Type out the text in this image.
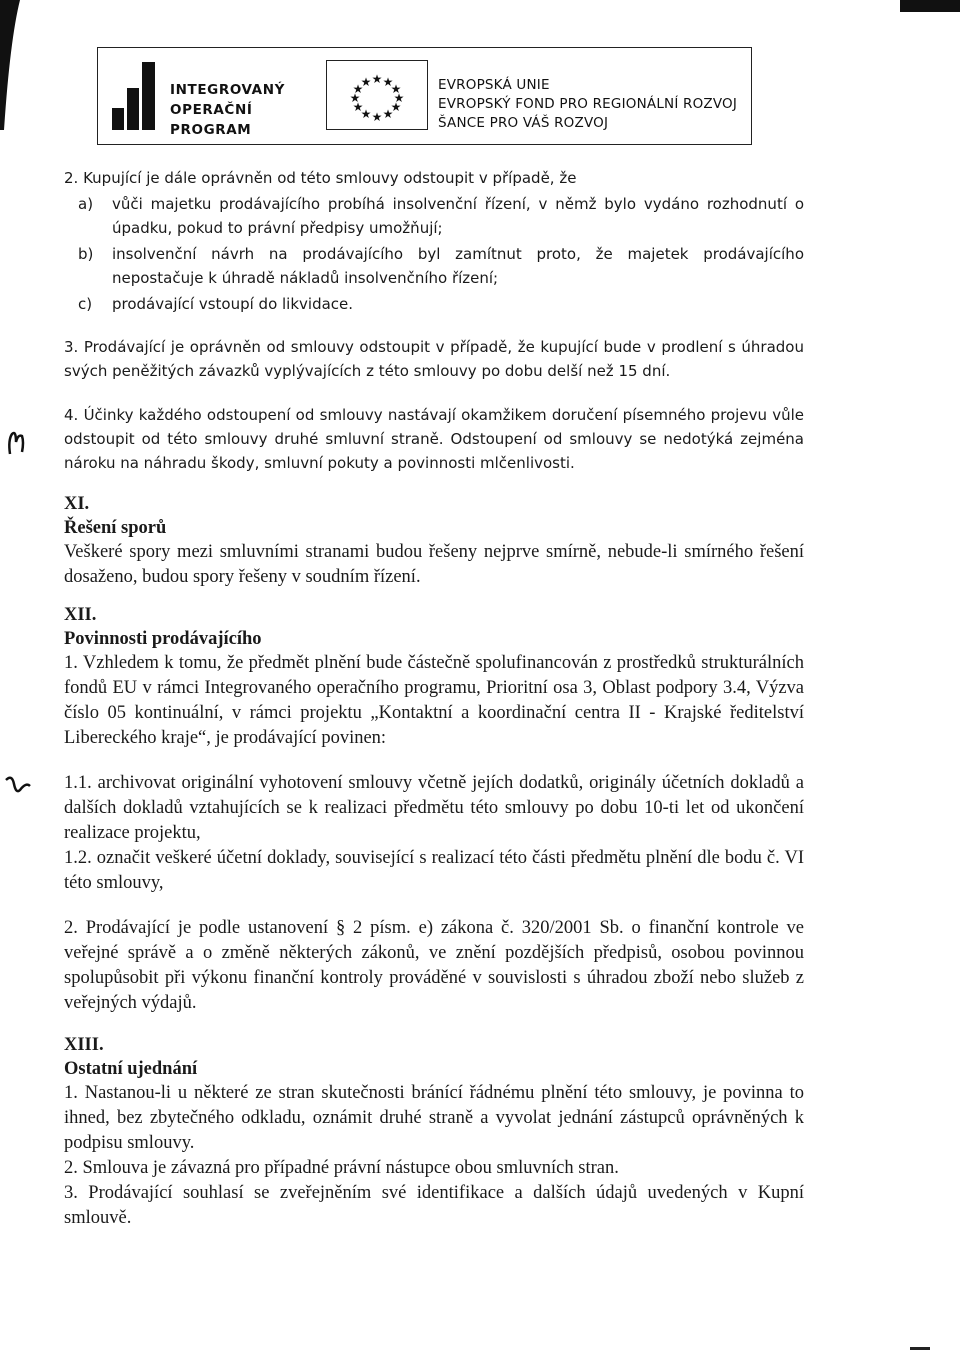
INTEGROVANÝ
OPERAČNÍ
PROGRAM
★ ★
★
★
★
★
★
★
★
★
★
★	EVROPSKÁ UNIE
EVROPSKÝ FOND PRO REGIONÁLNÍ ROZVOJ
ŠANCE PRO VÁŠ ROZVOJ
2. Kupující je dále oprávněn od této smlouvy odstoupit v případě, že
a)	vůči majetku prodávajícího probíhá insolvenční řízení, v němž bylo vydáno rozhodnutí o úpadku, pokud to právní předpisy umožňují;
b)	insolvenční návrh na prodávajícího byl zamítnut proto, že majetek prodávajícího nepostačuje k úhradě nákladů insolvenčního řízení;
c)	prodávající vstoupí do likvidace.
3. Prodávající je oprávněn od smlouvy odstoupit v případě, že kupující bude v prodlení s úhradou svých peněžitých závazků vyplývajících z této smlouvy po dobu delší než 15 dní.
4. Účinky každého odstoupení od smlouvy nastávají okamžikem doručení písemného projevu vůle odstoupit od této smlouvy druhé smluvní straně. Odstoupení od smlouvy se nedotýká zejména nároku na náhradu škody, smluvní pokuty a povinnosti mlčenlivosti.
XI.
Řešení sporů
Veškeré spory mezi smluvními stranami budou řešeny nejprve smírně, nebude-li smírného řešení dosaženo, budou spory řešeny v soudním řízení.
XII.
Povinnosti prodávajícího
1. Vzhledem k tomu, že předmět plnění bude částečně spolufinancován z prostředků strukturálních fondů EU v rámci Integrovaného operačního programu, Prioritní osa 3, Oblast podpory 3.4, Výzva číslo 05 kontinuální, v rámci projektu „Kontaktní a koordinační centra II - Krajské ředitelství Libereckého kraje“, je prodávající povinen:
1.1. archivovat originální vyhotovení smlouvy včetně jejích dodatků, originály účetních dokladů a dalších dokladů vztahujících se k realizaci předmětu této smlouvy po dobu 10-ti let od ukončení realizace projektu,
1.2. označit veškeré účetní doklady, související s realizací této části předmětu plnění dle bodu č. VI této smlouvy,
2. Prodávající je podle ustanovení § 2 písm. e) zákona č. 320/2001 Sb. o finanční kontrole ve veřejné správě a o změně některých zákonů, ve znění pozdějších předpisů, osobou povinnou spolupůsobit při výkonu finanční kontroly prováděné v souvislosti s úhradou zboží nebo služeb z veřejných výdajů.
XIII.
Ostatní ujednání
1. Nastanou-li u některé ze stran skutečnosti bránící řádnému plnění této smlouvy, je povinna to ihned, bez zbytečného odkladu, oznámit druhé straně a vyvolat jednání zástupců oprávněných k podpisu smlouvy.
2. Smlouva je závazná pro případné právní nástupce obou smluvních stran.
3. Prodávající souhlasí se zveřejněním své identifikace a dalších údajů uvedených v Kupní smlouvě.
